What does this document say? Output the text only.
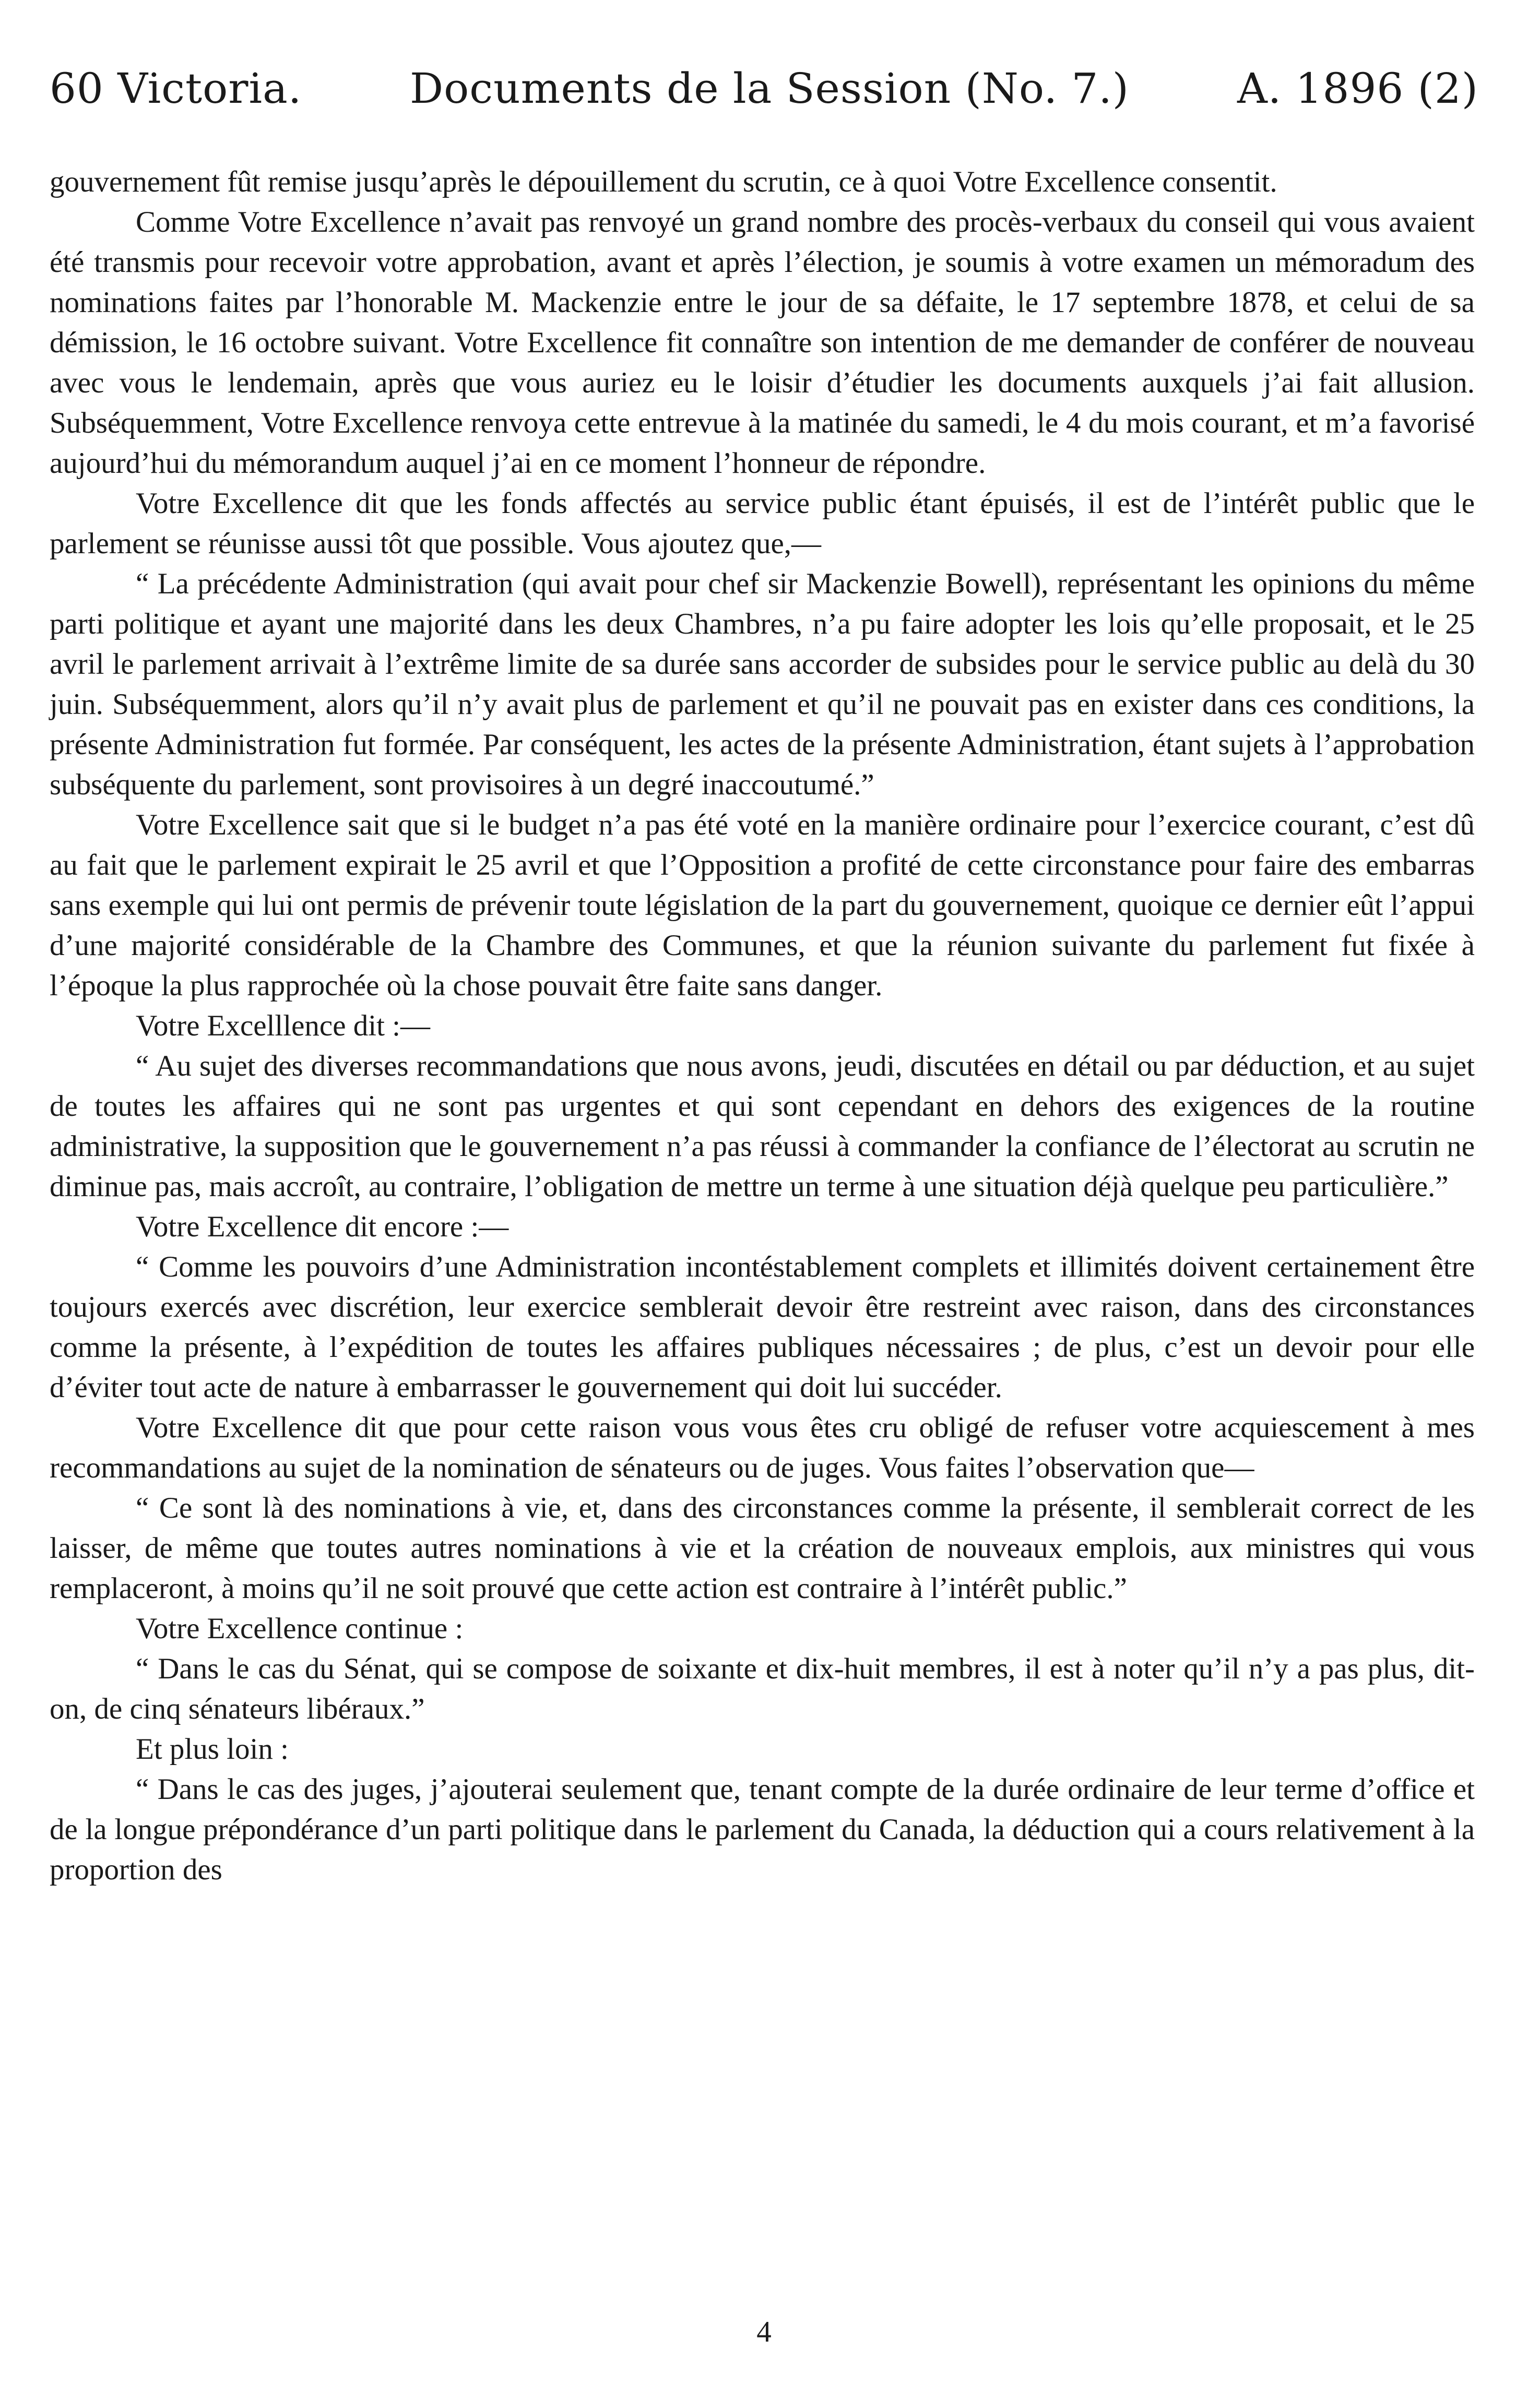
60 Victoria.	Documents de la Session (No. 7.)	A. 1896 (2)

gouvernement fût remise jusqu’après le dépouillement du scrutin, ce à quoi Votre Excellence consentit.

Comme Votre Excellence n’avait pas renvoyé un grand nombre des procès-verbaux du conseil qui vous avaient été transmis pour recevoir votre approbation, avant et après l’élection, je soumis à votre examen un mémoradum des nominations faites par l’honorable M. Mackenzie entre le jour de sa défaite, le 17 septembre 1878, et celui de sa démission, le 16 octobre suivant. Votre Excellence fit connaître son intention de me demander de conférer de nouveau avec vous le lendemain, après que vous auriez eu le loisir d’étudier les documents auxquels j’ai fait allusion. Subséquemment, Votre Excellence renvoya cette entrevue à la matinée du samedi, le 4 du mois courant, et m’a favorisé aujourd’hui du mémorandum auquel j’ai en ce moment l’honneur de répondre.

Votre Excellence dit que les fonds affectés au service public étant épuisés, il est de l’intérêt public que le parlement se réunisse aussi tôt que possible. Vous ajoutez que,—

“ La précédente Administration (qui avait pour chef sir Mackenzie Bowell), représentant les opinions du même parti politique et ayant une majorité dans les deux Chambres, n’a pu faire adopter les lois qu’elle proposait, et le 25 avril le parlement arrivait à l’extrême limite de sa durée sans accorder de subsides pour le service public au delà du 30 juin. Subséquemment, alors qu’il n’y avait plus de parlement et qu’il ne pouvait pas en exister dans ces conditions, la présente Administration fut formée. Par conséquent, les actes de la présente Administration, étant sujets à l’approbation subséquente du parlement, sont provisoires à un degré inaccoutumé.”

Votre Excellence sait que si le budget n’a pas été voté en la manière ordinaire pour l’exercice courant, c’est dû au fait que le parlement expirait le 25 avril et que l’Opposition a profité de cette circonstance pour faire des embarras sans exemple qui lui ont permis de prévenir toute législation de la part du gouvernement, quoique ce dernier eût l’appui d’une majorité considérable de la Chambre des Communes, et que la réunion suivante du parlement fut fixée à l’époque la plus rapprochée où la chose pouvait être faite sans danger.

Votre Excelllence dit :—

“ Au sujet des diverses recommandations que nous avons, jeudi, discutées en détail ou par déduction, et au sujet de toutes les affaires qui ne sont pas urgentes et qui sont cependant en dehors des exigences de la routine administrative, la supposition que le gouvernement n’a pas réussi à commander la confiance de l’électorat au scrutin ne diminue pas, mais accroît, au contraire, l’obligation de mettre un terme à une situation déjà quelque peu particulière.”

Votre Excellence dit encore :—

“ Comme les pouvoirs d’une Administration incontéstablement complets et illimités doivent certainement être toujours exercés avec discrétion, leur exercice semblerait devoir être restreint avec raison, dans des circonstances comme la présente, à l’expédition de toutes les affaires publiques nécessaires ; de plus, c’est un devoir pour elle d’éviter tout acte de nature à embarrasser le gouvernement qui doit lui succéder.

Votre Excellence dit que pour cette raison vous vous êtes cru obligé de refuser votre acquiescement à mes recommandations au sujet de la nomination de sénateurs ou de juges. Vous faites l’observation que—

“ Ce sont là des nominations à vie, et, dans des circonstances comme la présente, il semblerait correct de les laisser, de même que toutes autres nominations à vie et la création de nouveaux emplois, aux ministres qui vous remplaceront, à moins qu’il ne soit prouvé que cette action est contraire à l’intérêt public.”

Votre Excellence continue :

“ Dans le cas du Sénat, qui se compose de soixante et dix-huit membres, il est à noter qu’il n’y a pas plus, dit-on, de cinq sénateurs libéraux.”

Et plus loin :

“ Dans le cas des juges, j’ajouterai seulement que, tenant compte de la durée ordinaire de leur terme d’office et de la longue prépondérance d’un parti politique dans le parlement du Canada, la déduction qui a cours relativement à la proportion des

4
